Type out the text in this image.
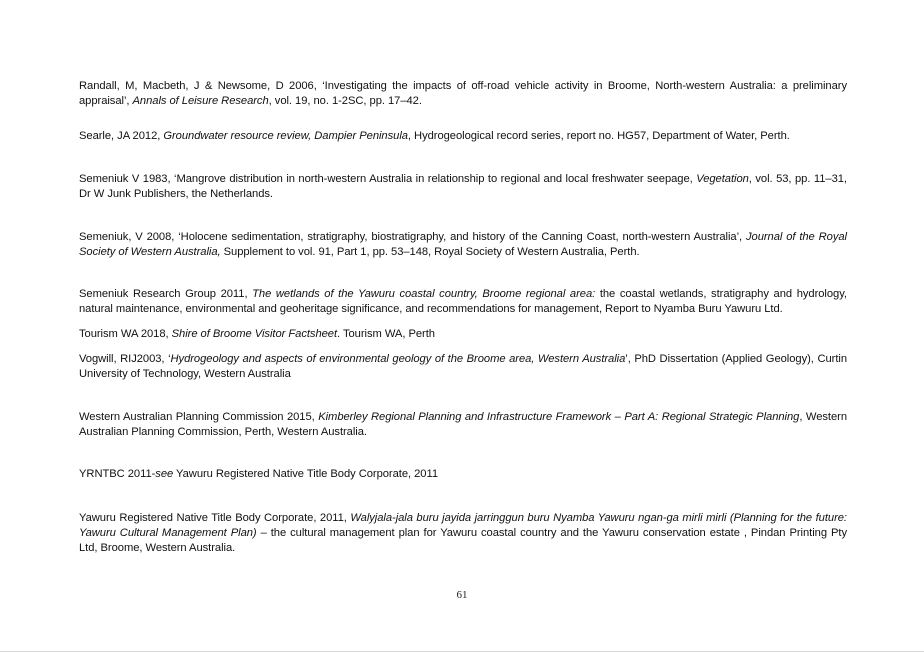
Randall, M, Macbeth, J & Newsome, D 2006, ‘Investigating the impacts of off-road vehicle activity in Broome, North-western Australia: a preliminary appraisal’, Annals of Leisure Research, vol. 19, no. 1-2SC, pp. 17–42.
Searle, JA 2012, Groundwater resource review, Dampier Peninsula, Hydrogeological record series, report no. HG57, Department of Water, Perth.
Semeniuk V 1983, ‘Mangrove distribution in north-western Australia in relationship to regional and local freshwater seepage, Vegetation, vol. 53, pp. 11–31, Dr W Junk Publishers, the Netherlands.
Semeniuk, V 2008, ‘Holocene sedimentation, stratigraphy, biostratigraphy, and history of the Canning Coast, north-western Australia’, Journal of the Royal Society of Western Australia, Supplement to vol. 91, Part 1, pp. 53–148, Royal Society of Western Australia, Perth.
Semeniuk Research Group 2011, The wetlands of the Yawuru coastal country, Broome regional area: the coastal wetlands, stratigraphy and hydrology, natural maintenance, environmental and geoheritage significance, and recommendations for management, Report to Nyamba Buru Yawuru Ltd.
Tourism WA 2018, Shire of Broome Visitor Factsheet. Tourism WA, Perth
Vogwill, RIJ2003, ‘Hydrogeology and aspects of environmental geology of the Broome area, Western Australia’, PhD Dissertation (Applied Geology), Curtin University of Technology, Western Australia
Western Australian Planning Commission 2015, Kimberley Regional Planning and Infrastructure Framework – Part A: Regional Strategic Planning, Western Australian Planning Commission, Perth, Western Australia.
YRNTBC 2011-see Yawuru Registered Native Title Body Corporate, 2011
Yawuru Registered Native Title Body Corporate, 2011, Walyjala-jala buru jayida jarringgun buru Nyamba Yawuru ngan-ga mirli mirli (Planning for the future: Yawuru Cultural Management Plan) – the cultural management plan for Yawuru coastal country and the Yawuru conservation estate , Pindan Printing Pty Ltd, Broome, Western Australia.
61
